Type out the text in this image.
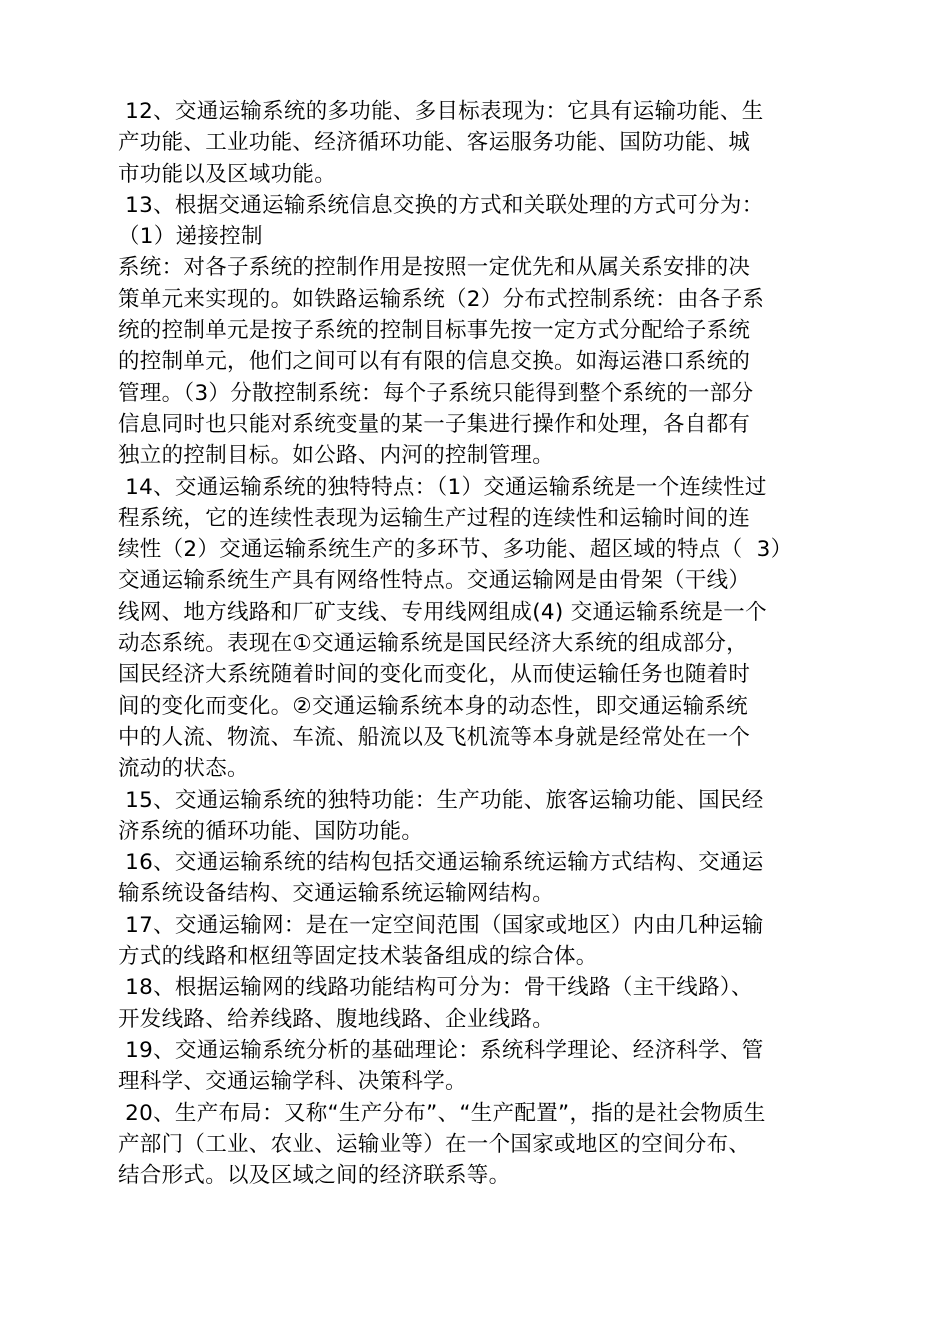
12、交通运输系统的多功能、多目标表现为：它具有运输功能、生
产功能、工业功能、经济循环功能、客运服务功能、国防功能、城
市功能以及区域功能。
13、根据交通运输系统信息交换的方式和关联处理的方式可分为：
（1）递接控制
系统：对各子系统的控制作用是按照一定优先和从属关系安排的决
策单元来实现的。如铁路运输系统（2）分布式控制系统：由各子系
统的控制单元是按子系统的控制目标事先按一定方式分配给子系统
的控制单元，他们之间可以有有限的信息交换。如海运港口系统的
管理。（3）分散控制系统：每个子系统只能得到整个系统的一部分
信息同时也只能对系统变量的某一子集进行操作和处理，各自都有
独立的控制目标。如公路、内河的控制管理。
14、交通运输系统的独特特点：（1）交通运输系统是一个连续性过
程系统，它的连续性表现为运输生产过程的连续性和运输时间的连
续性（2）交通运输系统生产的多环节、多功能、超区域的特点（  3）
交通运输系统生产具有网络性特点。交通运输网是由骨架（干线）
线网、地方线路和厂矿支线、专用线网组成(4) 交通运输系统是一个
动态系统。表现在①交通运输系统是国民经济大系统的组成部分，
国民经济大系统随着时间的变化而变化，从而使运输任务也随着时
间的变化而变化。②交通运输系统本身的动态性，即交通运输系统
中的人流、物流、车流、船流以及飞机流等本身就是经常处在一个
流动的状态。
15、交通运输系统的独特功能：生产功能、旅客运输功能、国民经
济系统的循环功能、国防功能。
16、交通运输系统的结构包括交通运输系统运输方式结构、交通运
输系统设备结构、交通运输系统运输网结构。
17、交通运输网：是在一定空间范围（国家或地区）内由几种运输
方式的线路和枢纽等固定技术装备组成的综合体。
18、根据运输网的线路功能结构可分为：骨干线路（主干线路）、
开发线路、给养线路、腹地线路、企业线路。
19、交通运输系统分析的基础理论：系统科学理论、经济科学、管
理科学、交通运输学科、决策科学。
20、生产布局：又称“生产分布”、“生产配置”，指的是社会物质生
产部门（工业、农业、运输业等）在一个国家或地区的空间分布、
结合形式。以及区域之间的经济联系等。
